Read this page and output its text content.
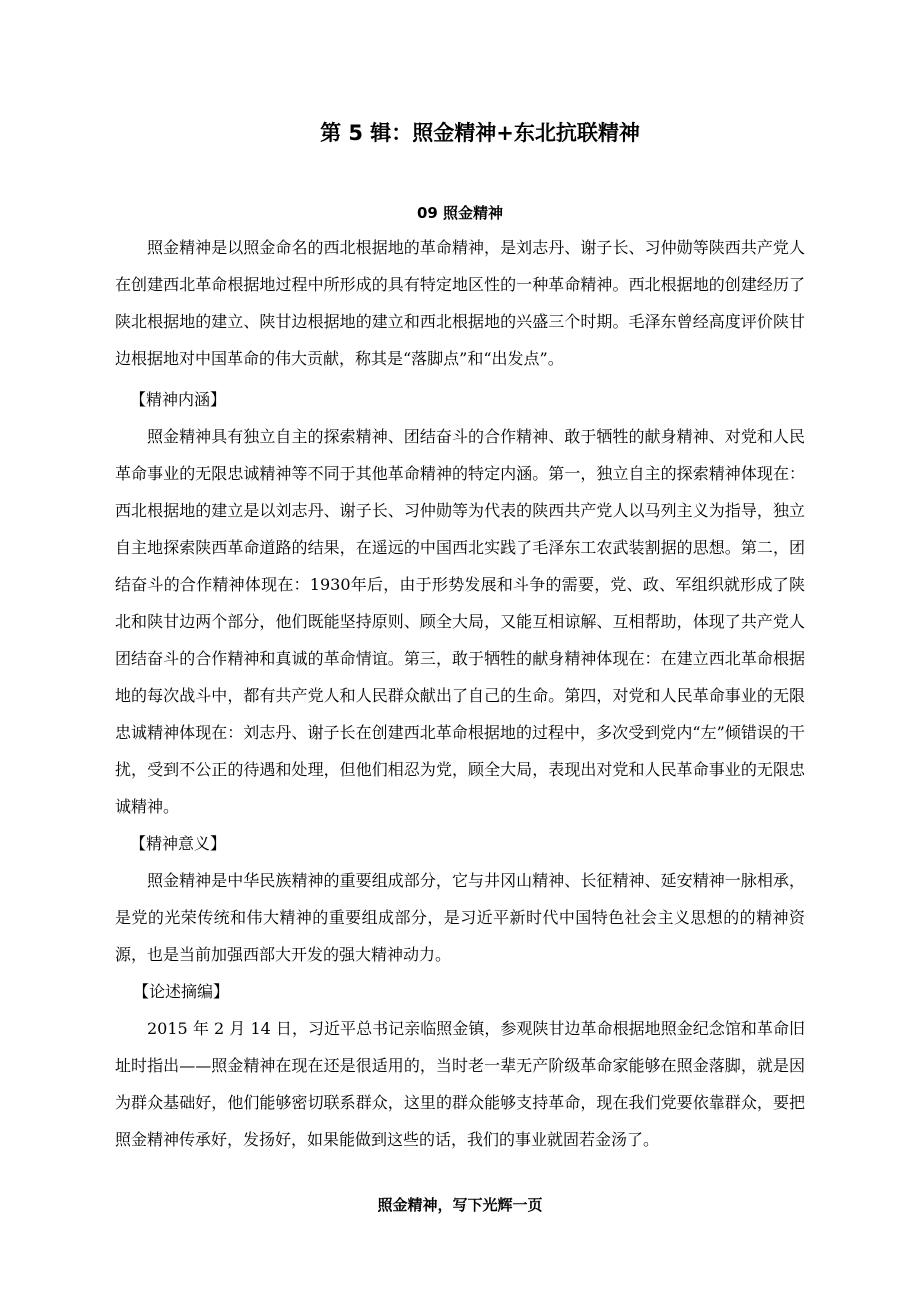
第 5 辑：照金精神+东北抗联精神
09 照金精神

照金精神是以照金命名的西北根据地的革命精神，是刘志丹、谢子长、习仲勋等陕西共产党人在创建西北革命根据地过程中所形成的具有特定地区性的一种革命精神。西北根据地的创建经历了陕北根据地的建立、陕甘边根据地的建立和西北根据地的兴盛三个时期。毛泽东曾经高度评价陕甘边根据地对中国革命的伟大贡献，称其是“落脚点”和“出发点”。

【精神内涵】

照金精神具有独立自主的探索精神、团结奋斗的合作精神、敢于牺牲的献身精神、对党和人民革命事业的无限忠诚精神等不同于其他革命精神的特定内涵。第一，独立自主的探索精神体现在：西北根据地的建立是以刘志丹、谢子长、习仲勋等为代表的陕西共产党人以马列主义为指导，独立自主地探索陕西革命道路的结果，在遥远的中国西北实践了毛泽东工农武装割据的思想。第二，团结奋斗的合作精神体现在：1930年后，由于形势发展和斗争的需要，党、政、军组织就形成了陕北和陕甘边两个部分，他们既能坚持原则、顾全大局，又能互相谅解、互相帮助，体现了共产党人团结奋斗的合作精神和真诚的革命情谊。第三，敢于牺牲的献身精神体现在：在建立西北革命根据地的每次战斗中，都有共产党人和人民群众献出了自己的生命。第四，对党和人民革命事业的无限忠诚精神体现在：刘志丹、谢子长在创建西北革命根据地的过程中，多次受到党内“左”倾错误的干扰，受到不公正的待遇和处理，但他们相忍为党，顾全大局，表现出对党和人民革命事业的无限忠诚精神。

【精神意义】

照金精神是中华民族精神的重要组成部分，它与井冈山精神、长征精神、延安精神一脉相承，是党的光荣传统和伟大精神的重要组成部分，是习近平新时代中国特色社会主义思想的的精神资源，也是当前加强西部大开发的强大精神动力。

【论述摘编】

2015 年 2 月 14 日，习近平总书记亲临照金镇，参观陕甘边革命根据地照金纪念馆和革命旧址时指出——照金精神在现在还是很适用的，当时老一辈无产阶级革命家能够在照金落脚，就是因为群众基础好，他们能够密切联系群众，这里的群众能够支持革命，现在我们党要依靠群众，要把照金精神传承好，发扬好，如果能做到这些的话，我们的事业就固若金汤了。

照金精神，写下光辉一页
